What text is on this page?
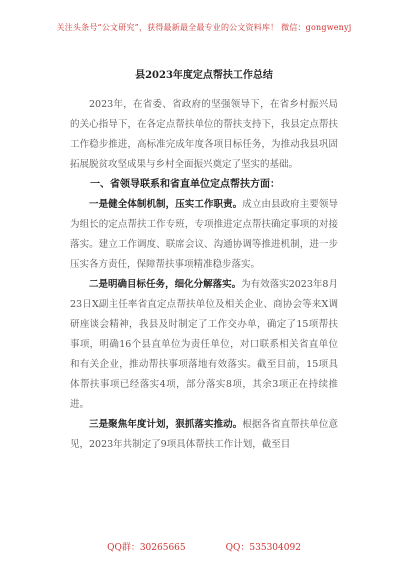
关注头条号“公文研究”，获得最新最全最专业的公文资料库！ 微信：gongwenyj
县2023年度定点帮扶工作总结

2023年，在省委、省政府的坚强领导下，在省乡村振兴局的关心指导下，在各定点帮扶单位的帮扶支持下，我县定点帮扶工作稳步推进，高标准完成年度各项目标任务，为推动我县巩固拓展脱贫攻坚成果与乡村全面振兴奠定了坚实的基础。

一、省领导联系和省直单位定点帮扶方面：

一是健全体制机制，压实工作职责。成立由县政府主要领导为组长的定点帮扶工作专班，专项推进定点帮扶确定事项的对接落实。建立工作调度、联席会议、沟通协调等推进机制，进一步压实各方责任，保障帮扶事项精准稳步落实。

二是明确目标任务，细化分解落实。为有效落实2023年8月23日X副主任率省直定点帮扶单位及相关企业、商协会等来X调研座谈会精神，我县及时制定了工作交办单，确定了15项帮扶事项，明确16个县直单位为责任单位，对口联系相关省直单位和有关企业，推动帮扶事项落地有效落实。截至目前，15项具体帮扶事项已经落实4项，部分落实8项，其余3项正在持续推进。

三是聚焦年度计划，狠抓落实推动。根据各省直帮扶单位意见，2023年共制定了9项具体帮扶工作计划，截至目

QQ群：30265665	QQ：535304092
